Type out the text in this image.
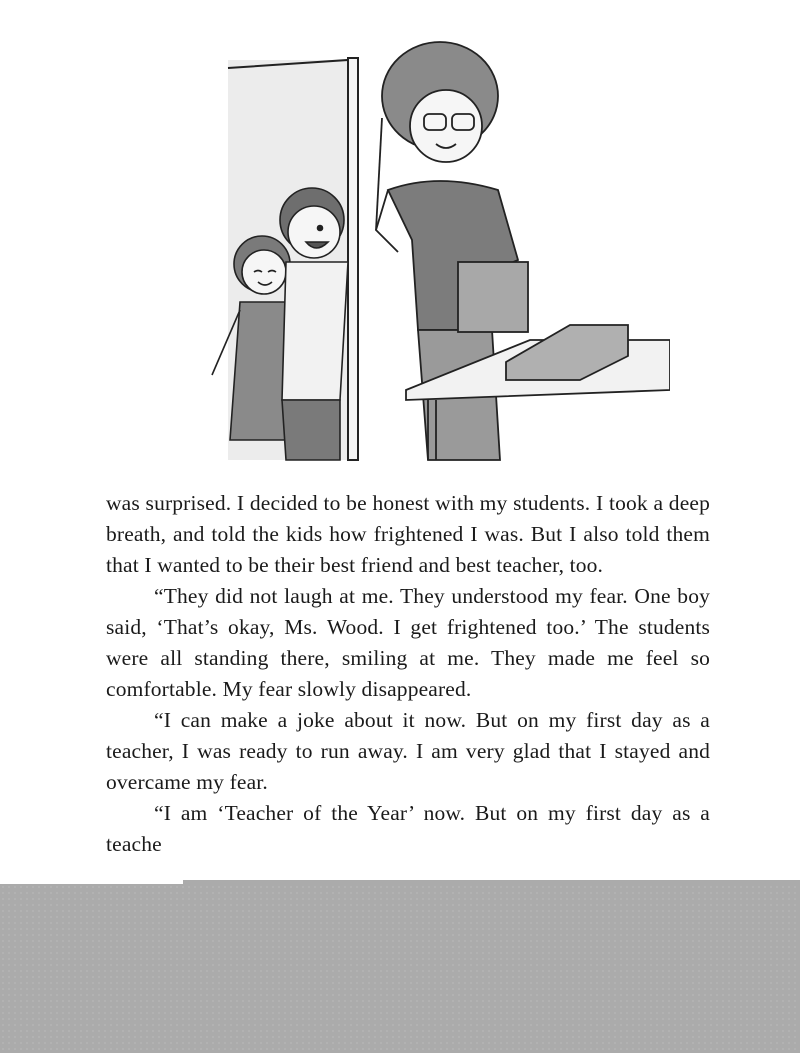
was surprised. I decided to be honest with my students. I took a deep breath, and told the kids how frightened I was. But I also told them that I wanted to be their best friend and best teacher, too.

“They did not laugh at me. They understood my fear. One boy said, ‘That’s okay, Ms. Wood. I get frightened too.’ The students were all standing there, smiling at me. They made me feel so comfortable. My fear slowly disappeared.

“I can make a joke about it now. But on my first day as a teacher, I was ready to run away. I am very glad that I stayed and overcame my fear.

“I am ‘Teacher of the Year’ now. But on my first day as a teache
